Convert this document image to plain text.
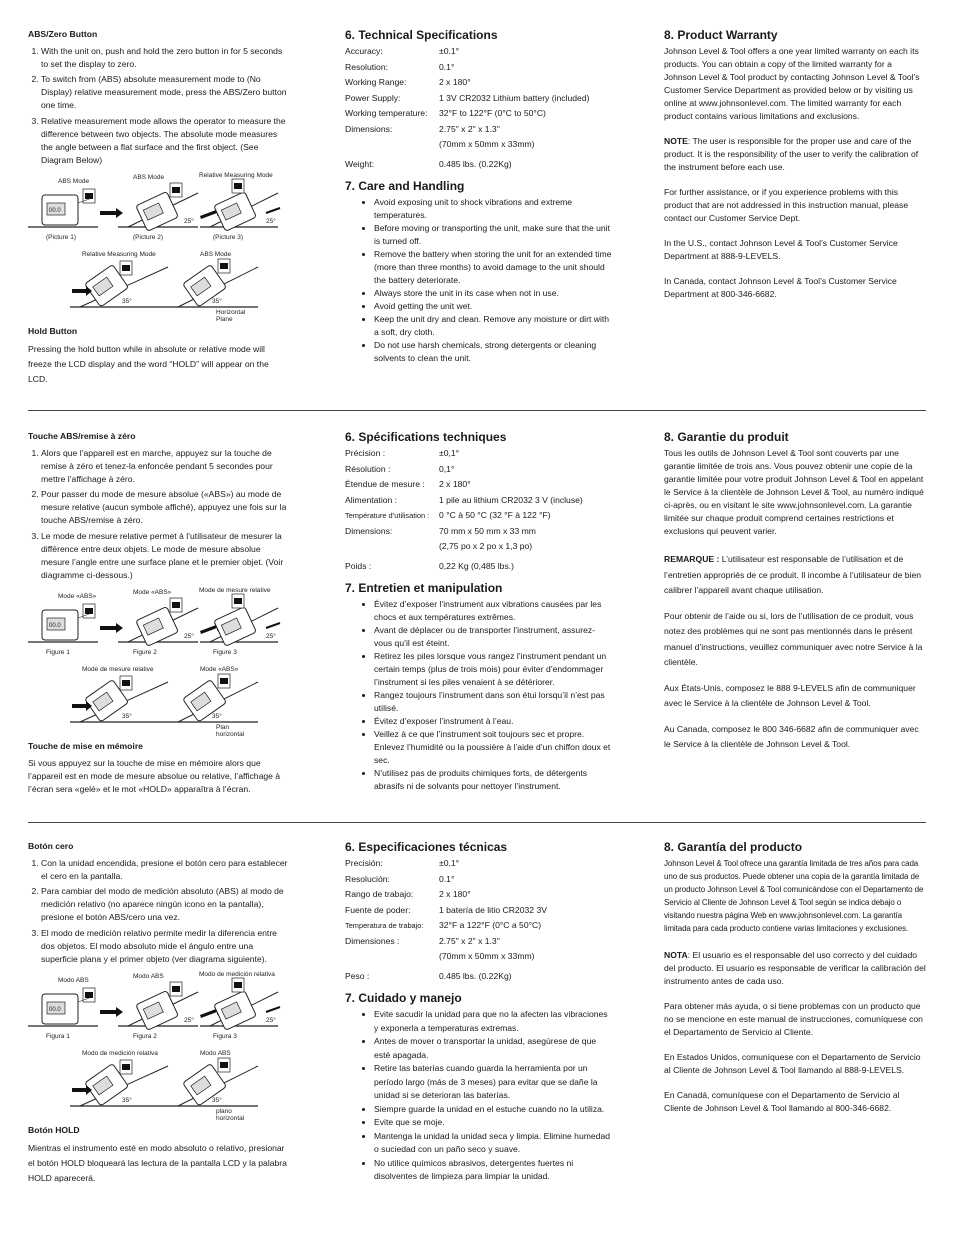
ABS/Zero Button
1. With the unit on, push and hold the zero button in for 5 seconds to set the display to zero.
2. To switch from (ABS) absolute measurement mode to (No Display) relative measurement mode, press the ABS/Zero button one time.
3. Relative measurement mode allows the operator to measure the difference between two objects. The absolute mode measures the angle between a flat surface and the first object. (See Diagram Below)
ABS Mode
ABS Mode	Relative Measuring Mode
00.0
25°	25°
(Picture 1)	(Picture 2)	(Picture 3)
Relative Measuring Mode	ABS Mode
35°	35°
Horizontal
Plane
Hold Button
Pressing the hold button while in absolute or relative mode will freeze the LCD display and the word “HOLD” will appear on the LCD.
6. Technical Specifications
Accuracy:	±0.1°

Resolution:	0.1°

Working Range:	2 x 180°

Power Supply:	1 3V CR2032 Lithium battery (included)

Working temperature:	32°F to 122°F (0°C to 50°C)

Dimensions:	2.75" x 2" x 1.3"
(70mm x 50mm x 33mm)

Weight:	0.485 lbs. (0.22Kg)
7. Care and Handling
• Avoid exposing unit to shock vibrations and extreme temperatures.
• Before moving or transporting the unit, make sure that the unit is turned off.
• Remove the battery when storing the unit for an extended time (more than three months) to avoid damage to the unit should the battery deteriorate.
• Always store the unit in its case when not in use.
• Avoid getting the unit wet.
• Keep the unit dry and clean. Remove any moisture or dirt with a soft, dry cloth.
• Do not use harsh chemicals, strong detergents or cleaning solvents to clean the unit.
8. Product Warranty
Johnson Level & Tool offers a one year limited warranty on each its products. You can obtain a copy of the limited warranty for a Johnson Level & Tool product by contacting Johnson Level & Tool’s Customer Service Department as provided below or by visiting us online at www.johnsonlevel.com. The limited warranty for each product contains various limitations and exclusions.
NOTE: The user is responsible for the proper use and care of the product. It is the responsibility of the user to verify the calibration of the instrument before each use.
For further assistance, or if you experience problems with this product that are not addressed in this instruction manual, please contact our Customer Service Dept.
In the U.S., contact Johnson Level & Tool’s Customer Service Department at 888-9-LEVELS.
In Canada, contact Johnson Level & Tool’s Customer Service Department at 800-346-6682.
Touche ABS/remise à zéro
1. Alors que l’appareil est en marche, appuyez sur la touche de remise à zéro et tenez-la enfoncée pendant 5 secondes pour mettre l’affichage à zéro.
2. Pour passer du mode de mesure absolue («ABS») au mode de mesure relative (aucun symbole affiché), appuyez une fois sur la touche ABS/remise à zéro.
3. Le mode de mesure relative permet à l’utilisateur de mesurer la différence entre deux objets. Le mode de mesure absolue mesure l’angle entre une surface plane et le premier objet. (Voir diagramme ci-dessous.)
Mode «ABS»
Mode «ABS»	Mode de mesure relative
00.0
25°	25°
Figure 1	Figure 2	Figure 3
Mode de mesure relative	Mode «ABS»
35°	35°
Plan
horizontal
Touche de mise en mémoire
Si vous appuyez sur la touche de mise en mémoire alors que l’appareil est en mode de mesure absolue ou relative, l’affichage à l’écran sera «gelé» et le mot «HOLD» apparaîtra à l’écran.
6. Spécifications techniques
Précision :	±0,1°

Résolution :	0,1°

Étendue de mesure :	2 x 180°

Alimentation :	1 pile au lithium CR2032 3 V (incluse)

Température d’utilisation :	0 °C à 50 °C (32 °F à 122 °F)

Dimensions:	70 mm x 50 mm x 33 mm
(2,75 po x 2 po x 1,3 po)

Poids :	0,22 Kg (0,485 lbs.)
7. Entretien et manipulation
• Évitez d’exposer l’instrument aux vibrations causées par les chocs et aux températures extrêmes.
• Avant de déplacer ou de transporter l’instrument, assurez-vous qu’il est éteint.
• Retirez les piles lorsque vous rangez l’instrument pendant un certain temps (plus de trois mois) pour éviter d’endommager l’instrument si les piles venaient à se détériorer.
• Rangez toujours l’instrument dans son étui lorsqu’il n’est pas utilisé.
• Évitez d’exposer l’instrument à l’eau.
• Veillez à ce que l’instrument soit toujours sec et propre. Enlevez l’humidité ou la poussière à l’aide d’un chiffon doux et sec.
• N’utilisez pas de produits chimiques forts, de détergents abrasifs ni de solvants pour nettoyer l’instrument.
8. Garantie du produit
Tous les outils de Johnson Level & Tool sont couverts par une garantie limitée de trois ans. Vous pouvez obtenir une copie de la garantie limitée pour votre produit Johnson Level & Tool en appelant le Service à la clientèle de Johnson Level & Tool, au numéro indiqué ci-après, ou en visitant le site www.johnsonlevel.com. La garantie limitée sur chaque produit comprend certaines restrictions et exclusions qui peuvent varier.
REMARQUE : L’utilisateur est responsable de l’utilisation et de l’entretien appropriés de ce produit. Il incombe à l’utilisateur de bien calibrer l’appareil avant chaque utilisation.
Pour obtenir de l’aide ou si, lors de l’utilisation de ce produit, vous notez des problèmes qui ne sont pas mentionnés dans le présent manuel d’instructions, veuillez communiquer avec notre Service à la clientèle.
Aux États-Unis, composez le 888 9-LEVELS afin de communiquer avec le Service à la clientèle de Johnson Level & Tool.
Au Canada, composez le 800 346-6682 afin de communiquer avec le Service à la clientèle de Johnson Level & Tool.
Botón cero
1. Con la unidad encendida, presione el botón cero para establecer el cero en la pantalla.
2. Para cambiar del modo de medición absoluto (ABS) al modo de medición relativo (no aparece ningún icono en la pantalla), presione el botón ABS/cero una vez.
3. El modo de medición relativo permite medir la diferencia entre dos objetos. El modo absoluto mide el ángulo entre una superficie plana y el primer objeto (ver diagrama siguiente).
Modo ABS
Modo ABS	Modo de medición relativa
00.0
25°	25°
Figura 1	Figura 2	Figura 3
Modo de medición relativa	Modo ABS
35°	35°
plano
horizontal
Botón HOLD
Mientras el instrumento esté en modo absoluto o relativo, presionar el botón HOLD bloqueará las lectura de la pantalla LCD y la palabra HOLD aparecerá.
6. Especificaciones técnicas
Precisión:	±0.1°

Resolución:	0.1°

Rango de trabajo:	2 x 180°

Fuente de poder:	1 batería de litio CR2032 3V

Temperatura de trabajo:	32°F a 122°F (0°C a 50°C)

Dimensiones :	2.75" x 2" x 1.3"
(70mm x 50mm x 33mm)

Peso :	0.485 lbs. (0.22Kg)
7. Cuidado y manejo
• Evite sacudir la unidad para que no la afecten las vibraciones y exponerla a temperaturas extremas.
• Antes de mover o transportar la unidad, asegúrese de que esté apagada.
• Retire las baterías cuando guarda la herramienta por un período largo (más de 3 meses) para evitar que se dañe la unidad si se deterioran las baterías.
• Siempre guarde la unidad en el estuche cuando no la utiliza.
• Evite que se moje.
• Mantenga la unidad la unidad seca y limpia. Elimine humedad o suciedad con un paño seco y suave.
• No utilice químicos abrasivos, detergentes fuertes ni disolventes de limpieza para limpiar la unidad.
8. Garantía del producto
Johnson Level & Tool ofrece una garantía limitada de tres años para cada uno de sus productos. Puede obtener una copia de la garantía limitada de un producto Johnson Level & Tool comunicándose con el Departamento de Servicio al Cliente de Johnson Level & Tool según se indica debajo o visitando nuestra página Web en www.johnsonlevel.com. La garantía limitada para cada producto contiene varias limitaciones y exclusiones.
NOTA: El usuario es el responsable del uso correcto y del cuidado del producto. El usuario es responsable de verificar la calibración del instrumento antes de cada uso.
Para obtener más ayuda, o si tiene problemas con un producto que no se mencione en este manual de instrucciones, comuníquese con el Departamento de Servicio al Cliente.
En Estados Unidos, comuníquese con el Departamento de Servicio al Cliente de Johnson Level & Tool llamando al 888-9-LEVELS.
En Canadá, comuníquese con el Departamento de Servicio al Cliente de Johnson Level & Tool llamando al 800-346-6682.
